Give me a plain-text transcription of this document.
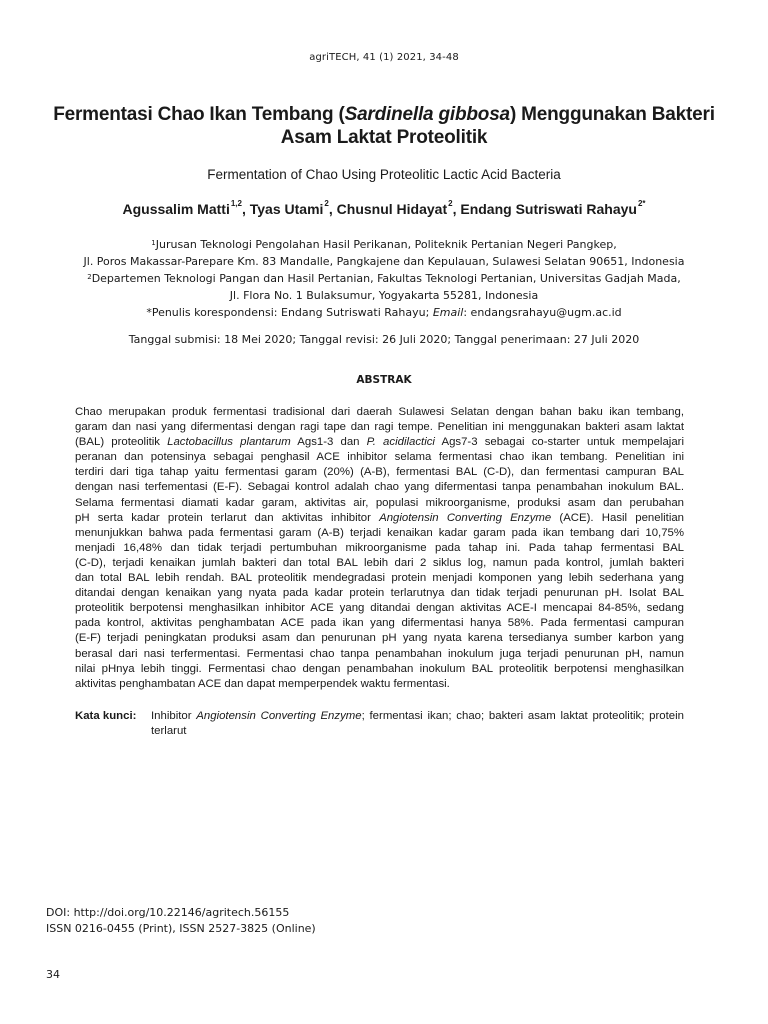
agriTECH, 41 (1) 2021, 34-48
Fermentasi Chao Ikan Tembang (Sardinella gibbosa) Menggunakan Bakteri Asam Laktat Proteolitik
Fermentation of Chao Using Proteolitic Lactic Acid Bacteria
Agussalim Matti$^{1,2}$, Tyas Utami$^2$, Chusnul Hidayat$^2$, Endang Sutriswati Rahayu$^{2*}$
$^1$Jurusan Teknologi Pengolahan Hasil Perikanan, Politeknik Pertanian Negeri Pangkep,
Jl. Poros Makassar-Parepare Km. 83 Mandalle, Pangkajene dan Kepulauan, Sulawesi Selatan 90651, Indonesia
$^2$Departemen Teknologi Pangan dan Hasil Pertanian, Fakultas Teknologi Pertanian, Universitas Gadjah Mada,
Jl. Flora No. 1 Bulaksumur, Yogyakarta 55281, Indonesia
*Penulis korespondensi: Endang Sutriswati Rahayu; Email: endangsrahayu@ugm.ac.id
Tanggal submisi: 18 Mei 2020; Tanggal revisi: 26 Juli 2020; Tanggal penerimaan: 27 Juli 2020
ABSTRAK
Chao merupakan produk fermentasi tradisional dari daerah Sulawesi Selatan dengan bahan baku ikan tembang,
garam dan nasi yang difermentasi dengan ragi tape dan ragi tempe. Penelitian ini menggunakan bakteri asam laktat
(BAL) proteolitik Lactobacillus plantarum Ags1-3 dan P. acidilactici Ags7-3 sebagai co-starter untuk mempelajari
peranan dan potensinya sebagai penghasil ACE inhibitor selama fermentasi chao ikan tembang. Penelitian ini
terdiri dari tiga tahap yaitu fermentasi garam (20%) (A-B), fermentasi BAL (C-D), dan fermentasi campuran BAL
dengan nasi terfementasi (E-F). Sebagai kontrol adalah chao yang difermentasi tanpa penambahan inokulum BAL.
Selama fermentasi diamati kadar garam, aktivitas air, populasi mikroorganisme, produksi asam dan perubahan
pH serta kadar protein terlarut dan aktivitas inhibitor Angiotensin Converting Enzyme (ACE). Hasil penelitian
menunjukkan bahwa pada fermentasi garam (A-B) terjadi kenaikan kadar garam pada ikan tembang dari 10,75%
menjadi 16,48% dan tidak terjadi pertumbuhan mikroorganisme pada tahap ini. Pada tahap fermentasi BAL
(C-D), terjadi kenaikan jumlah bakteri dan total BAL lebih dari 2 siklus log, namun pada kontrol, jumlah bakteri
dan total BAL lebih rendah. BAL proteolitik mendegradasi protein menjadi komponen yang lebih sederhana yang
ditandai dengan kenaikan yang nyata pada kadar protein terlarutnya dan tidak terjadi penurunan pH. Isolat BAL
proteolitik berpotensi menghasilkan inhibitor ACE yang ditandai dengan aktivitas ACE-I mencapai 84-85%, sedang
pada kontrol, aktivitas penghambatan ACE pada ikan yang difermentasi hanya 58%. Pada fermentasi campuran
(E-F) terjadi peningkatan produksi asam dan penurunan pH yang nyata karena tersedianya sumber karbon yang
berasal dari nasi terfermentasi. Fermentasi chao tanpa penambahan inokulum juga terjadi penurunan pH, namun
nilai pHnya lebih tinggi. Fermentasi chao dengan penambahan inokulum BAL proteolitik berpotensi menghasilkan
aktivitas penghambatan ACE dan dapat memperpendek waktu fermentasi.
Kata kunci: Inhibitor Angiotensin Converting Enzyme; fermentasi ikan; chao; bakteri asam laktat proteolitik; protein terlarut
DOI: http://doi.org/10.22146/agritech.56155
ISSN 0216-0455 (Print), ISSN 2527-3825 (Online)
34
